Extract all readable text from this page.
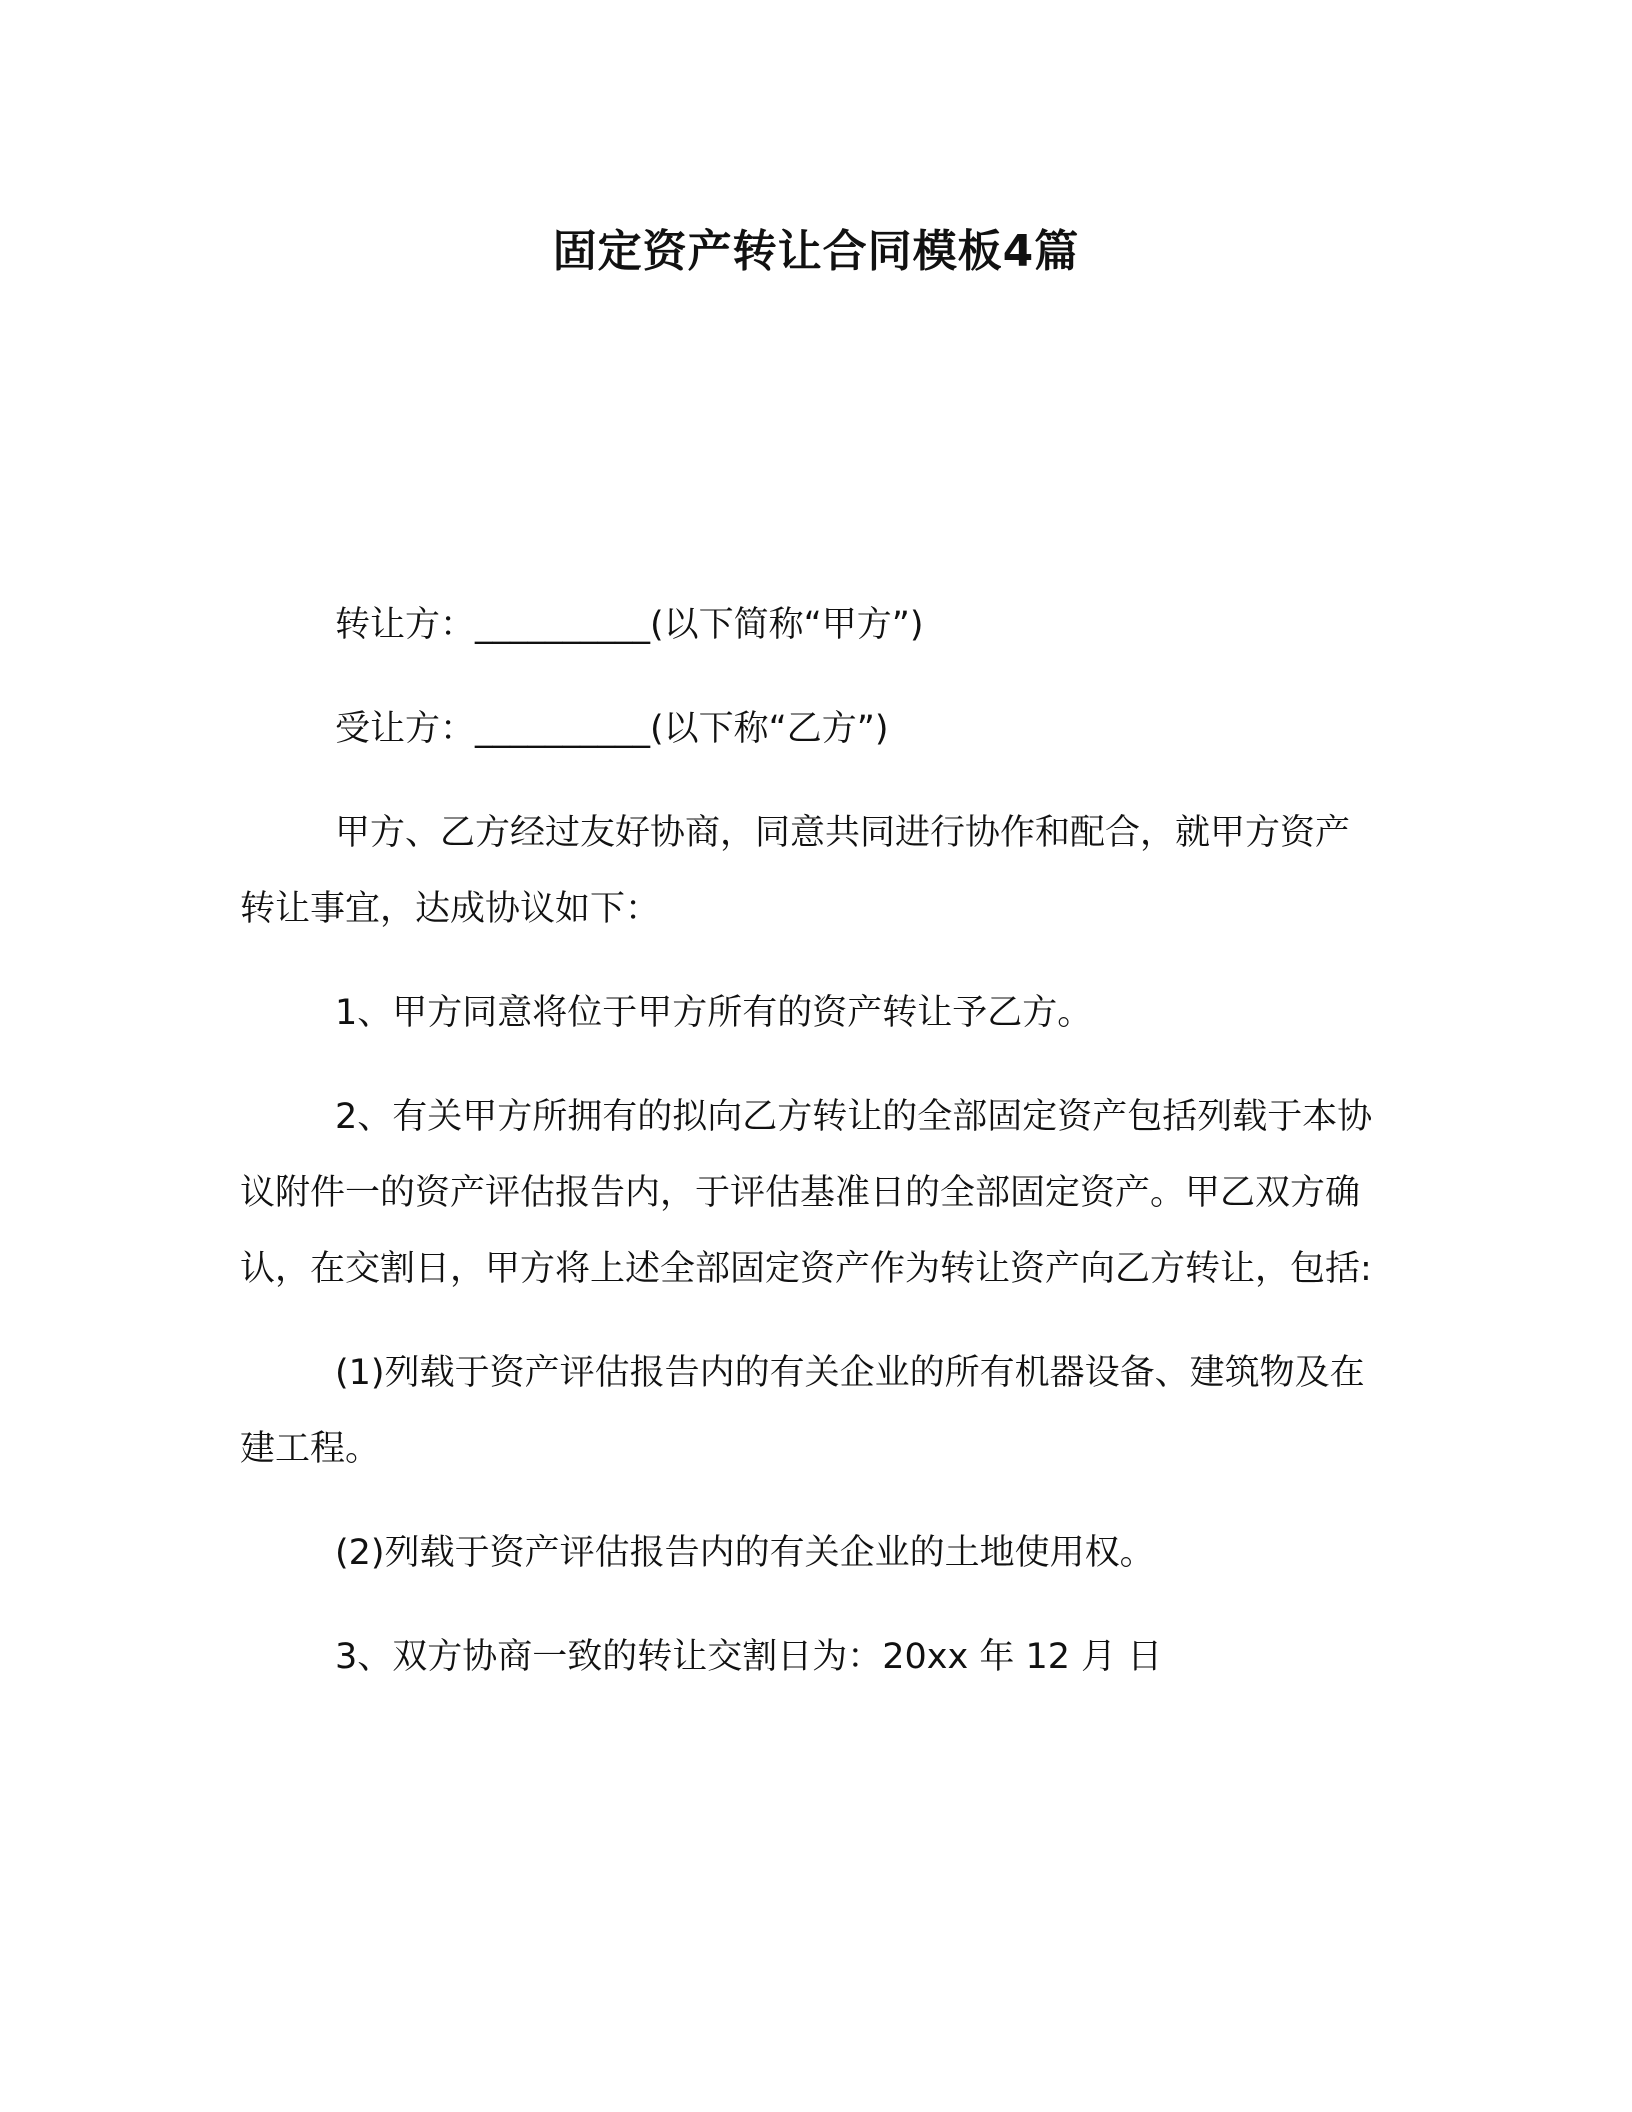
固定资产转让合同模板4篇

转让方：__________(以下简称“甲方”)

受让方：__________(以下称“乙方”)

甲方、乙方经过友好协商，同意共同进行协作和配合，就甲方资产转让事宜，达成协议如下：

1、甲方同意将位于甲方所有的资产转让予乙方。

2、有关甲方所拥有的拟向乙方转让的全部固定资产包括列载于本协议附件一的资产评估报告内，于评估基准日的全部固定资产。甲乙双方确认，在交割日，甲方将上述全部固定资产作为转让资产向乙方转让，包括:

(1)列载于资产评估报告内的有关企业的所有机器设备、建筑物及在建工程。

(2)列载于资产评估报告内的有关企业的土地使用权。

3、双方协商一致的转让交割日为：20xx 年 12 月 日
